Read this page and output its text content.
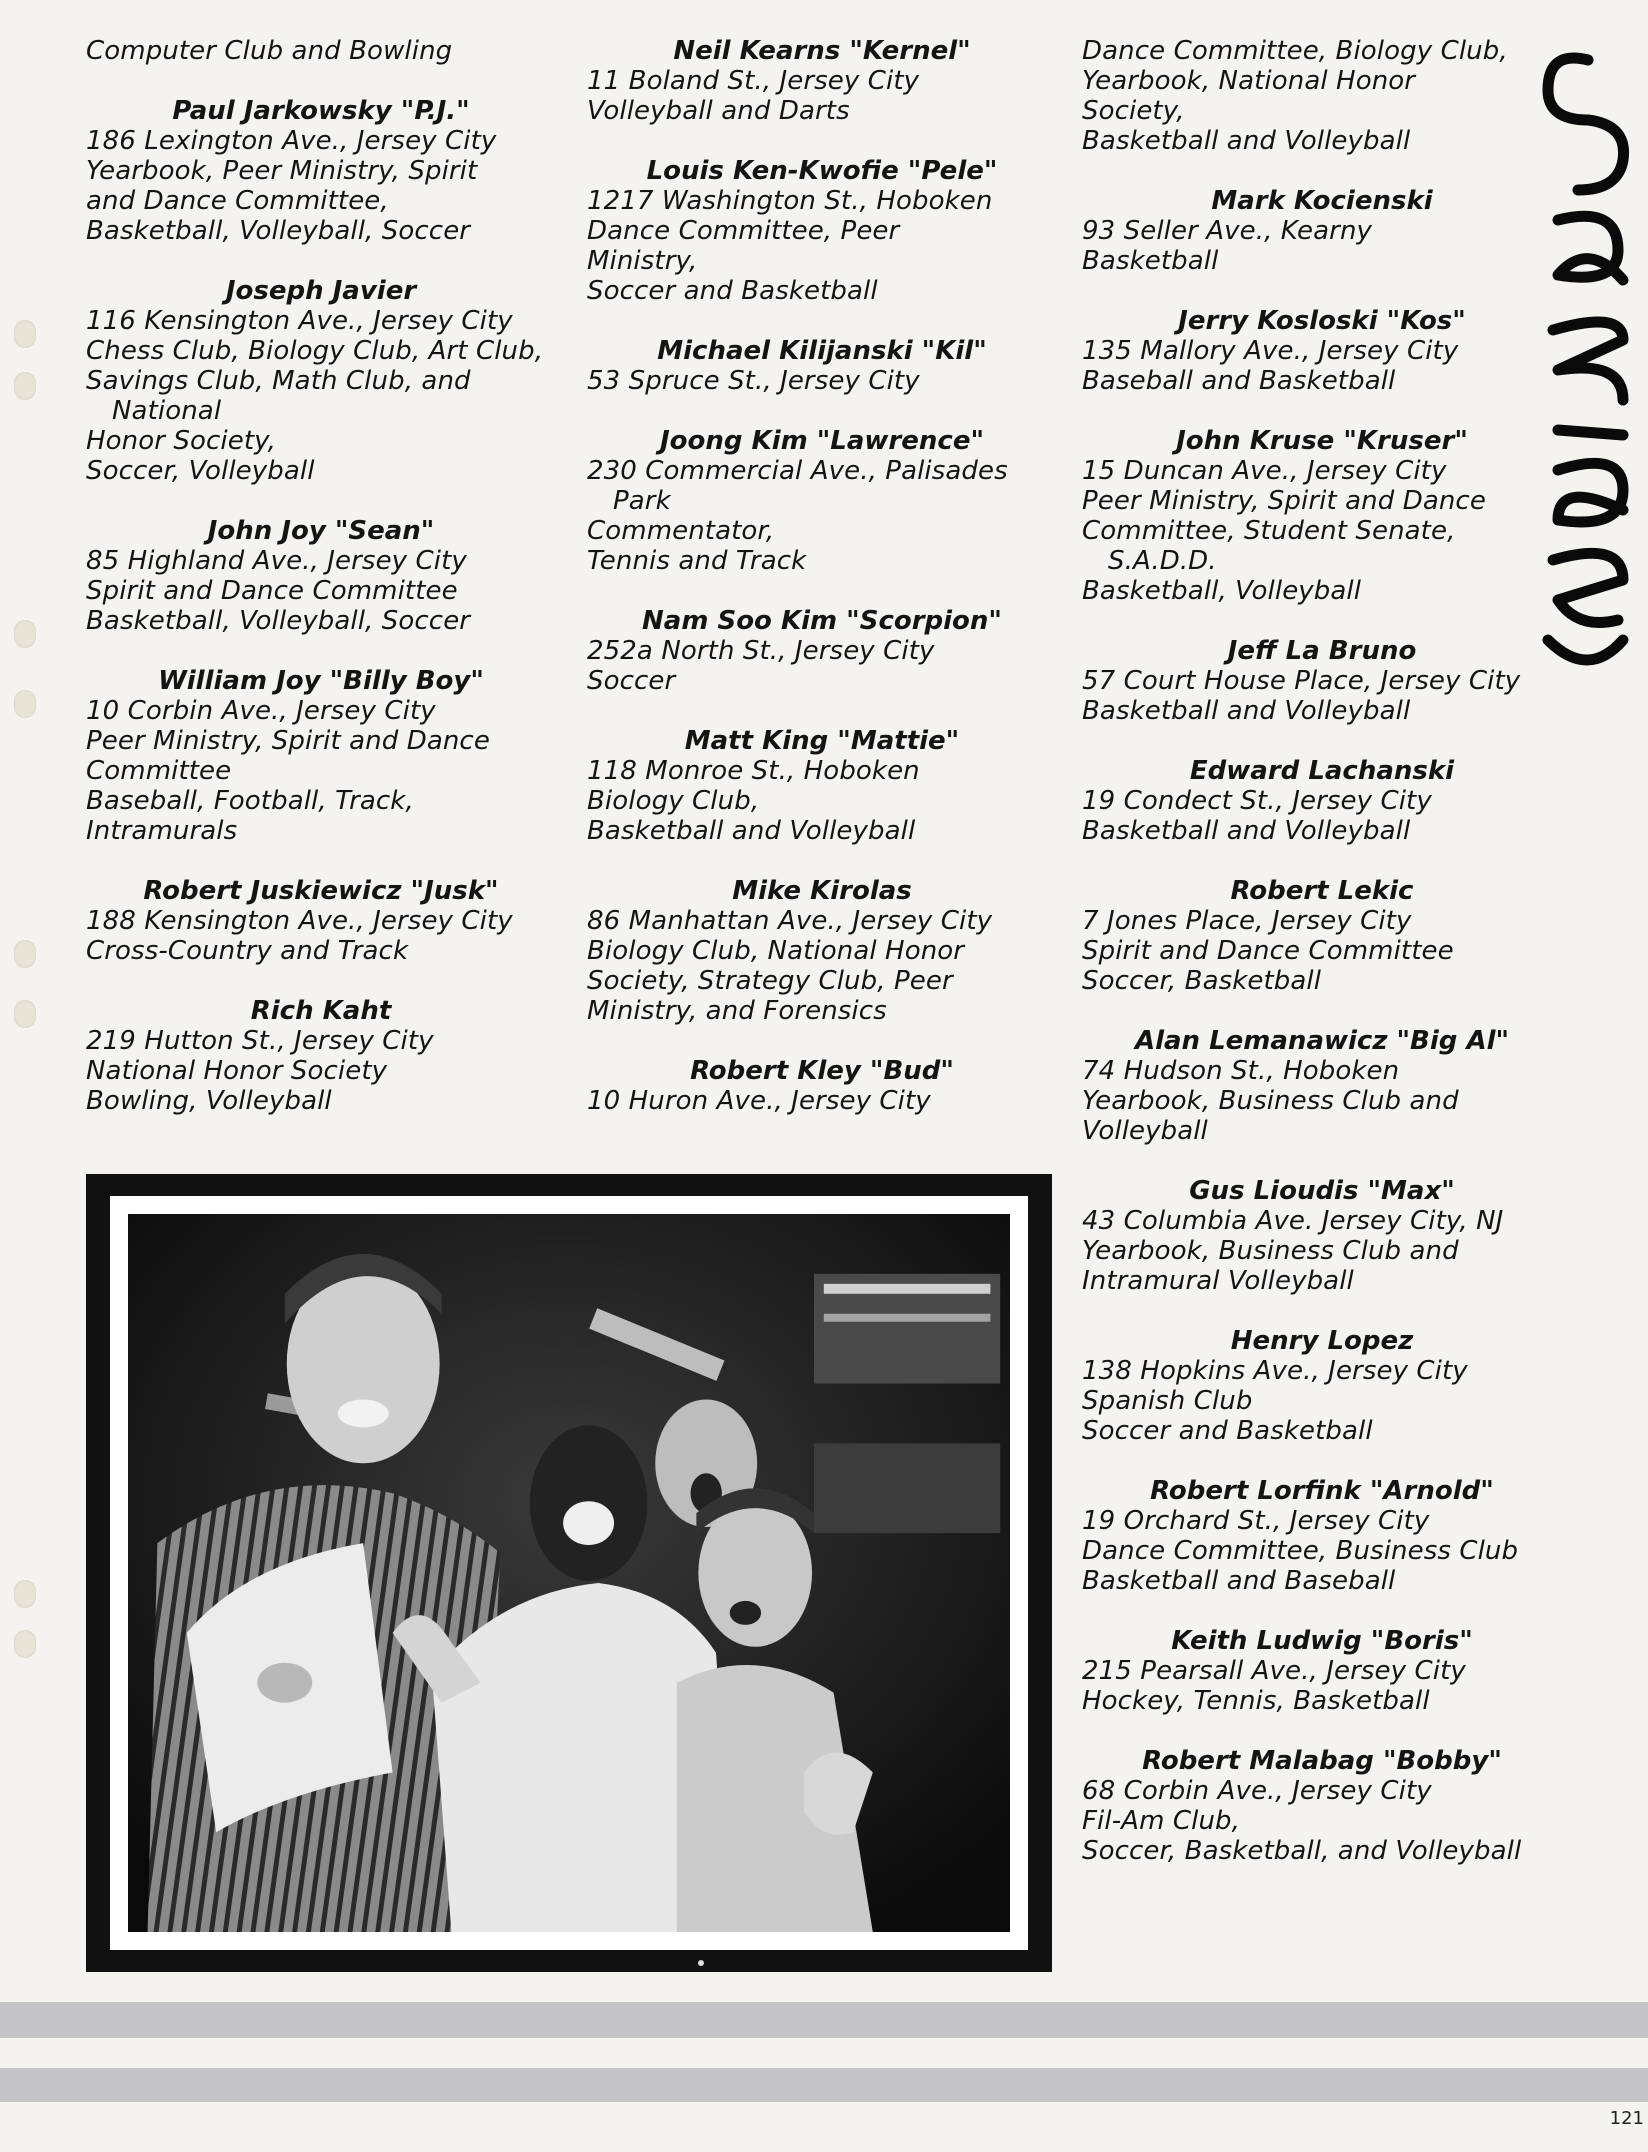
Computer Club and Bowling
Paul Jarkowsky "P.J."
186 Lexington Ave., Jersey City
Yearbook, Peer Ministry, Spirit
and Dance Committee,
Basketball, Volleyball, Soccer
Joseph Javier
116 Kensington Ave., Jersey City
Chess Club, Biology Club, Art Club,
Savings Club, Math Club, and
National
Honor Society,
Soccer, Volleyball
John Joy "Sean"
85 Highland Ave., Jersey City
Spirit and Dance Committee
Basketball, Volleyball, Soccer
William Joy "Billy Boy"
10 Corbin Ave., Jersey City
Peer Ministry, Spirit and Dance
Committee
Baseball, Football, Track,
Intramurals
Robert Juskiewicz "Jusk"
188 Kensington Ave., Jersey City
Cross-Country and Track
Rich Kaht
219 Hutton St., Jersey City
National Honor Society
Bowling, Volleyball
Neil Kearns "Kernel"
11 Boland St., Jersey City
Volleyball and Darts
Louis Ken-Kwofie "Pele"
1217 Washington St., Hoboken
Dance Committee, Peer
Ministry,
Soccer and Basketball
Michael Kilijanski "Kil"
53 Spruce St., Jersey City
Joong Kim "Lawrence"
230 Commercial Ave., Palisades
Park
Commentator,
Tennis and Track
Nam Soo Kim "Scorpion"
252a North St., Jersey City
Soccer
Matt King "Mattie"
118 Monroe St., Hoboken
Biology Club,
Basketball and Volleyball
Mike Kirolas
86 Manhattan Ave., Jersey City
Biology Club, National Honor
Society, Strategy Club, Peer
Ministry, and Forensics
Robert Kley "Bud"
10 Huron Ave., Jersey City
Dance Committee, Biology Club,
Yearbook, National Honor
Society,
Basketball and Volleyball
Mark Kocienski
93 Seller Ave., Kearny
Basketball
Jerry Kosloski "Kos"
135 Mallory Ave., Jersey City
Baseball and Basketball
John Kruse "Kruser"
15 Duncan Ave., Jersey City
Peer Ministry, Spirit and Dance
Committee, Student Senate,
S.A.D.D.
Basketball, Volleyball
Jeff La Bruno
57 Court House Place, Jersey City
Basketball and Volleyball
Edward Lachanski
19 Condect St., Jersey City
Basketball and Volleyball
Robert Lekic
7 Jones Place, Jersey City
Spirit and Dance Committee
Soccer, Basketball
Alan Lemanawicz "Big Al"
74 Hudson St., Hoboken
Yearbook, Business Club and
Volleyball
Gus Lioudis "Max"
43 Columbia Ave. Jersey City, NJ
Yearbook, Business Club and
Intramural Volleyball
Henry Lopez
138 Hopkins Ave., Jersey City
Spanish Club
Soccer and Basketball
Robert Lorfink "Arnold"
19 Orchard St., Jersey City
Dance Committee, Business Club
Basketball and Baseball
Keith Ludwig "Boris"
215 Pearsall Ave., Jersey City
Hockey, Tennis, Basketball
Robert Malabag "Bobby"
68 Corbin Ave., Jersey City
Fil-Am Club,
Soccer, Basketball, and Volleyball
121
